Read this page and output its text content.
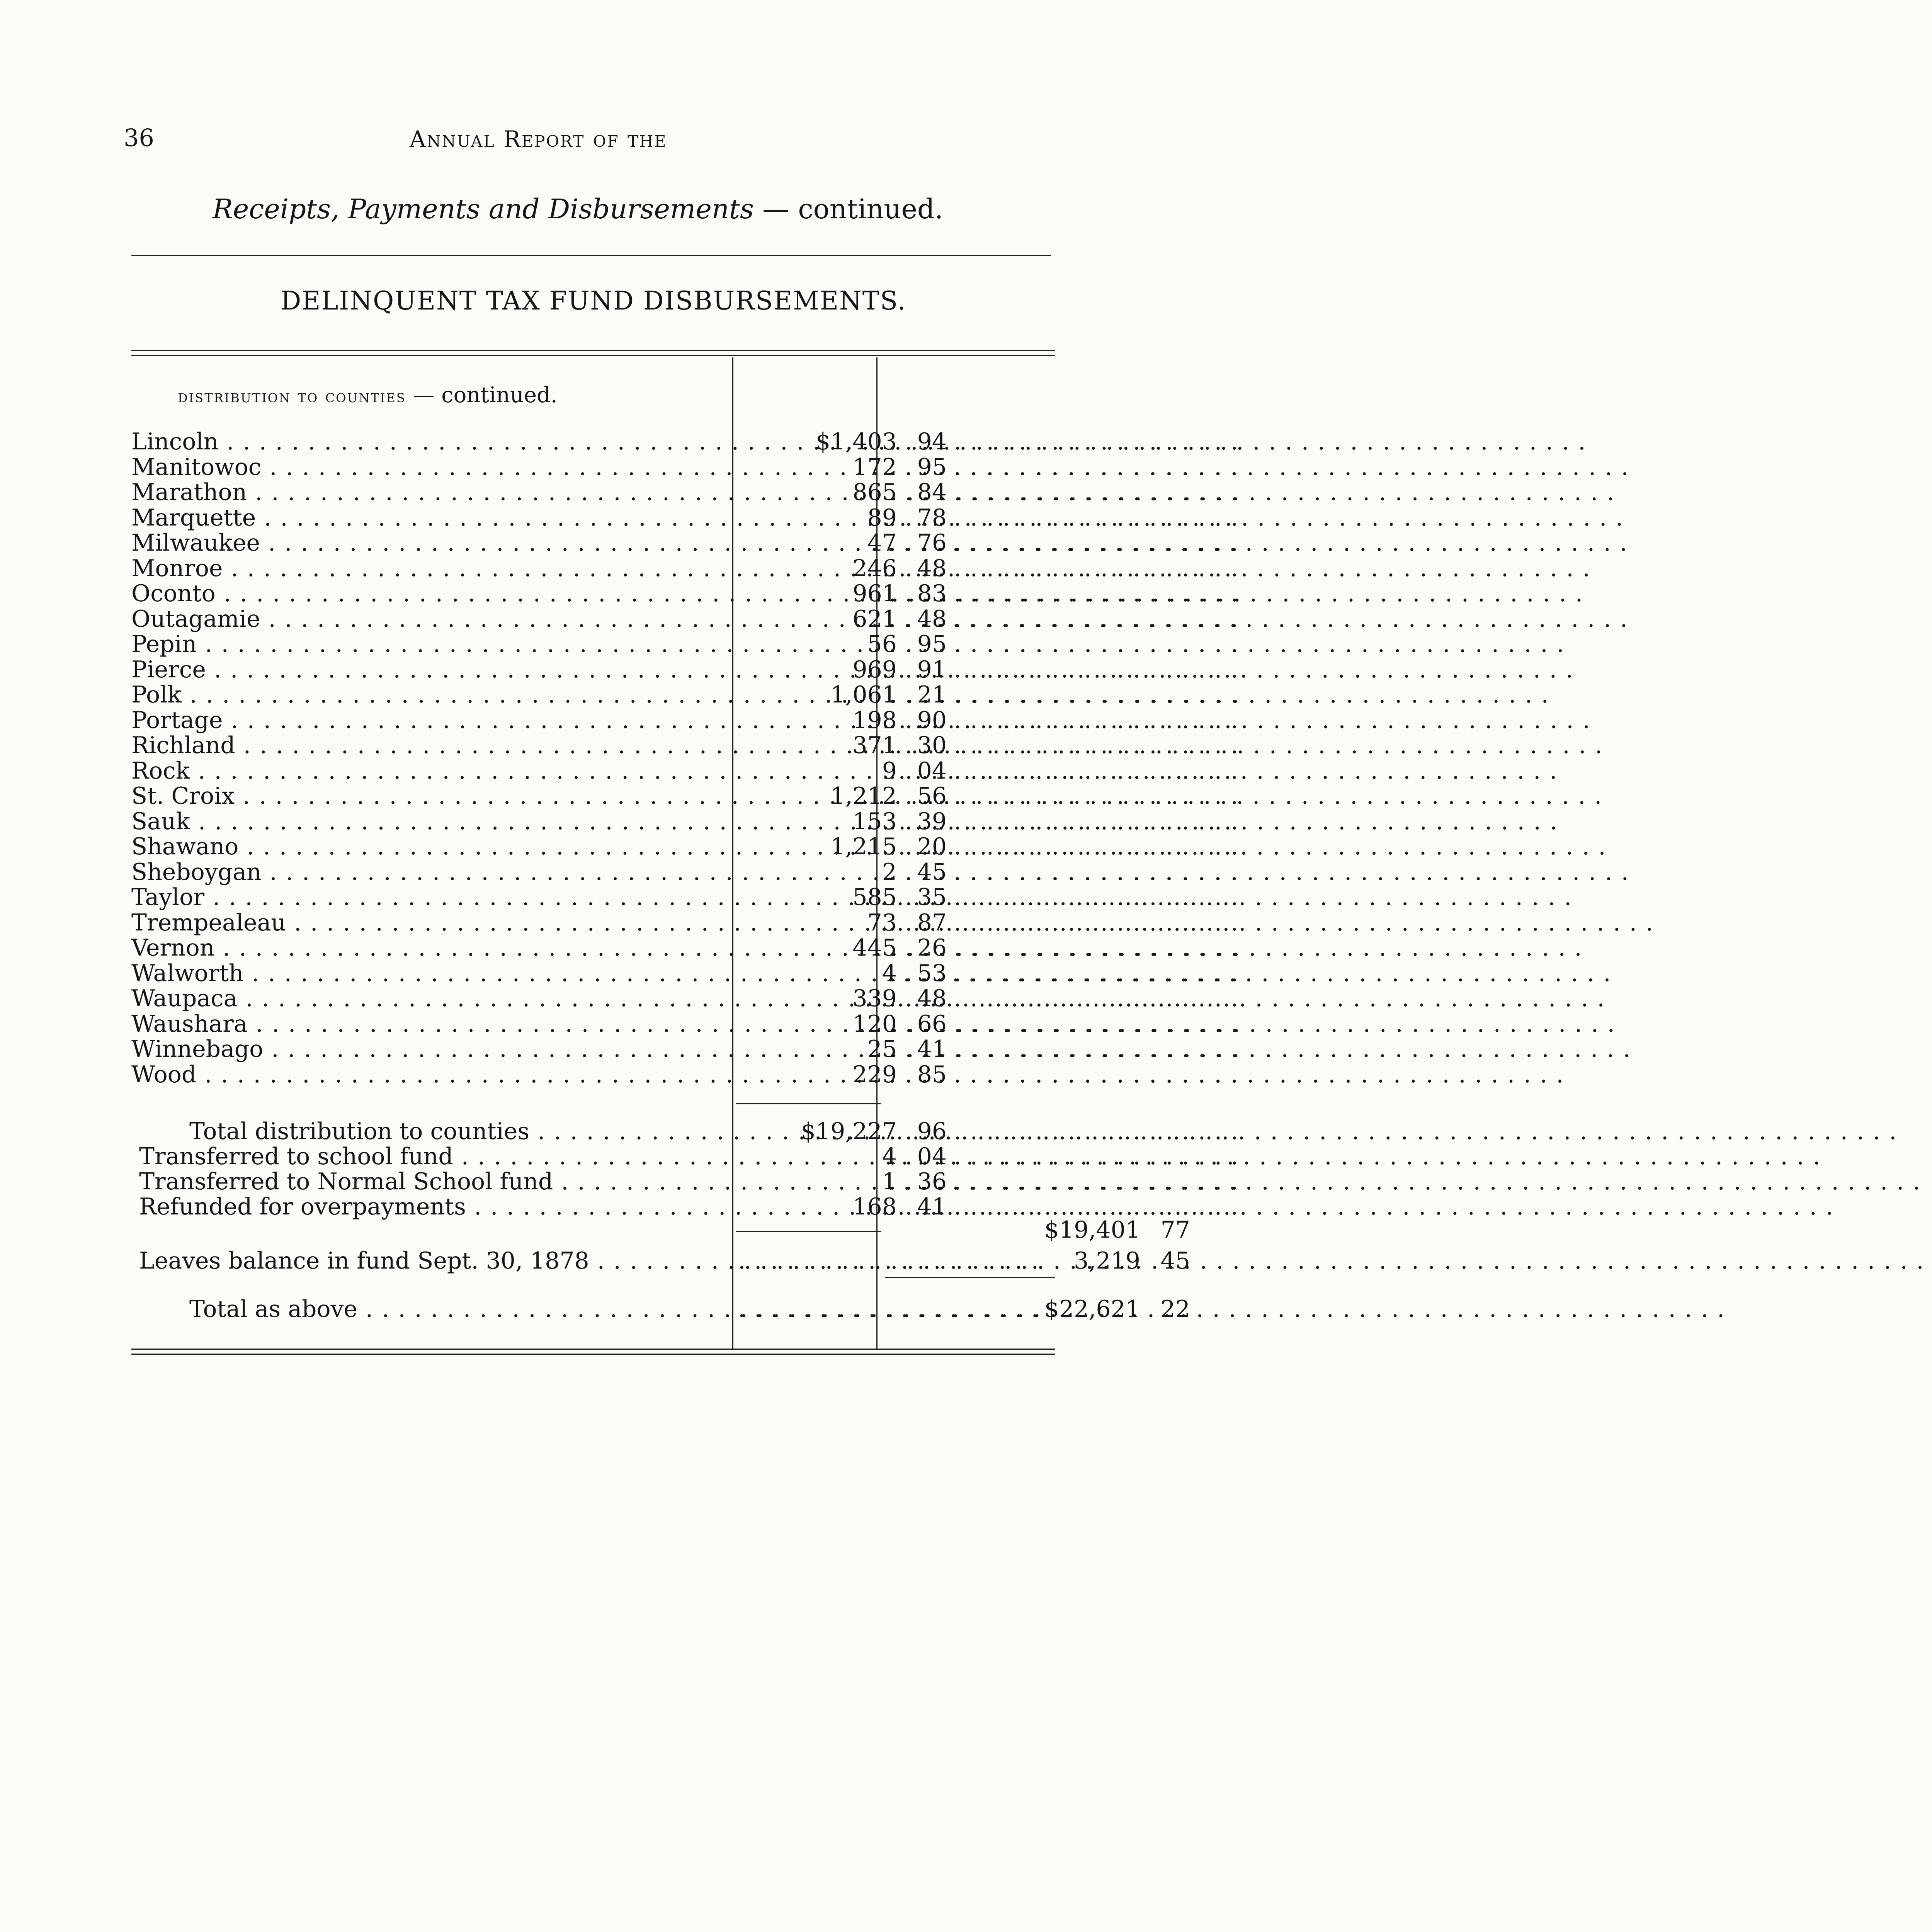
36	Annual Report of the
Receipts, Payments and Disbursements — continued.
DELINQUENT TAX FUND DISBURSEMENTS.
distribution to counties — continued.
Lincoln . . .	$1,403 94
. . .
Manitowoc . . .	172 95
. . .
Marathon . . .	865 84
. . .
Marquette . . .	89 78
. . .
Milwaukee . . .	47 76
. . .
Monroe . . .	246 48
. . .
Oconto . . .	961 83
. . .
Outagamie . . .	621 48
. . .
Pepin . . .	56 95
. . .
Pierce . . .	969 91
. . .
Polk . . .	1,061 21
. . .
Portage . . .	198 90
. . .
Richland . . .	371 30
. . .
Rock . . .	9 04
. . .
St. Croix . . .	1,212 56
. . .
Sauk . . .	153 39
. . .
Shawano . . .	1,215 20
. . .
Sheboygan . . .	2 45
. . .
Taylor . . .	585 35
. . .
Trempealeau . . .	73 87
. . .
Vernon . . .	445 26
. . .
Walworth . . .	4 53
. . .
Waupaca . . .	339 48
. . .
Waushara . . .	120 66
. . .
Winnebago . . .	25 41
. . .
Wood . . .	229 85
. . .
Total distribution to counties . . .	$19,227 96
. . .
Transferred to school fund . . .	4 04
. . .
Transferred to Normal School fund . . .	1 36
. . .
Refunded for overpayments . . .	168 41
. . .
$19,401 77
Leaves balance in fund Sept. 30, 1878 . . . . . .	3,219 45
Total as above . . . . . .	$22,621 22
